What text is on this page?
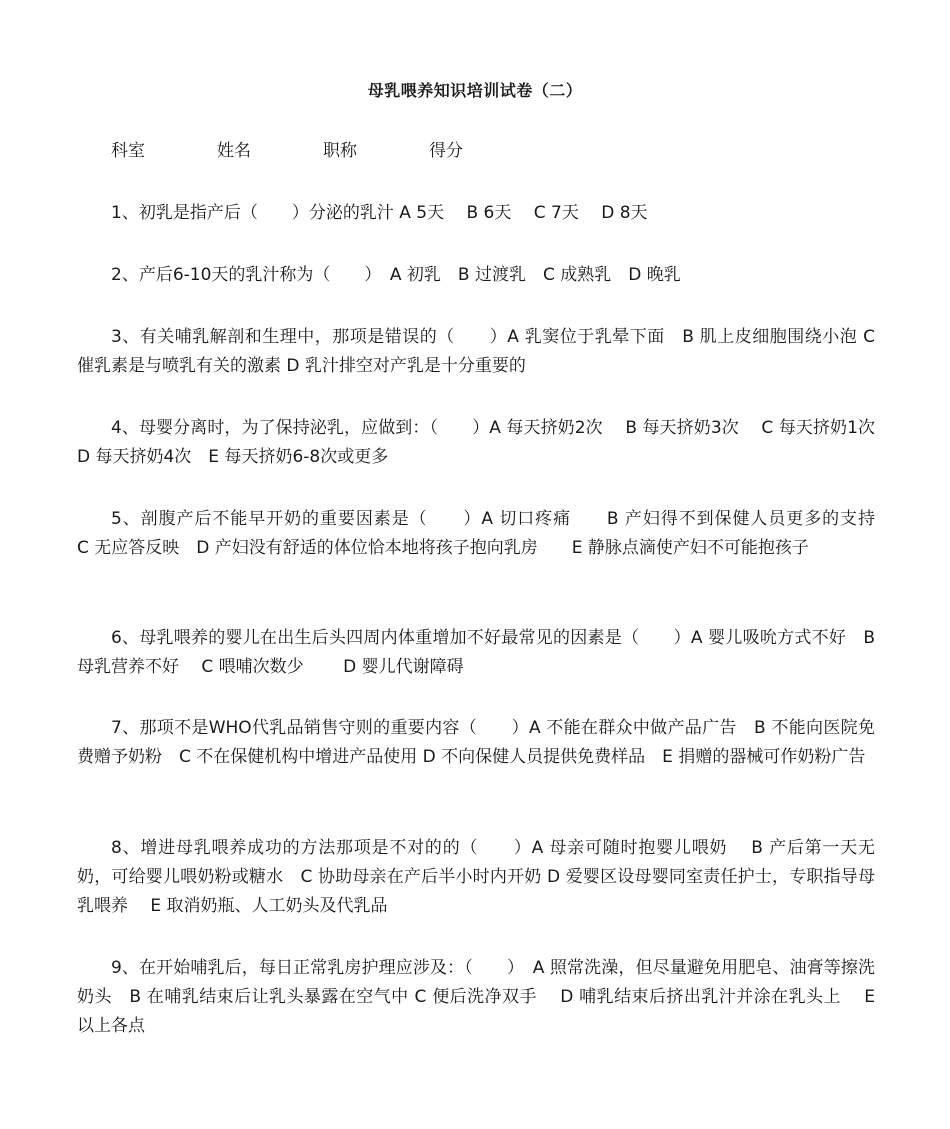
母乳喂养知识培训试卷（二）
科室	姓名	职称	得分
1、初乳是指产后（　　）分泌的乳汁 A 5天　 B 6天　 C 7天　 D 8天
2、产后6-10天的乳汁称为（　　）　A 初乳　B 过渡乳　C 成熟乳　D 晚乳
3、有关哺乳解剖和生理中，那项是错误的（　　）A 乳窦位于乳晕下面　B 肌上皮细胞围绕小泡 C 催乳素是与喷乳有关的激素 D 乳汁排空对产乳是十分重要的
4、母婴分离时，为了保持泌乳，应做到：（　　）A 每天挤奶2次　 B 每天挤奶3次　 C 每天挤奶1次　D 每天挤奶4次　E 每天挤奶6-8次或更多
5、剖腹产后不能早开奶的重要因素是（　　）A 切口疼痛　　B 产妇得不到保健人员更多的支持　　C 无应答反映　D 产妇没有舒适的体位恰本地将孩子抱向乳房　　E 静脉点滴使产妇不可能抱孩子
6、母乳喂养的婴儿在出生后头四周内体重增加不好最常见的因素是（　　）A 婴儿吸吮方式不好　B 母乳营养不好　 C 喂哺次数少　　 D 婴儿代谢障碍
7、那项不是WHO代乳品销售守则的重要内容（　　）A 不能在群众中做产品广告　B 不能向医院免费赠予奶粉　C 不在保健机构中增进产品使用 D 不向保健人员提供免费样品　E 捐赠的器械可作奶粉广告
8、增进母乳喂养成功的方法那项是不对的的（　　）A 母亲可随时抱婴儿喂奶　 B 产后第一天无奶，可给婴儿喂奶粉或糖水　C 协助母亲在产后半小时内开奶 D 爱婴区设母婴同室责任护士，专职指导母乳喂养　 E 取消奶瓶、人工奶头及代乳品
9、在开始哺乳后，每日正常乳房护理应涉及：（　　）　A 照常洗澡，但尽量避免用肥皂、油膏等擦洗奶头　B 在哺乳结束后让乳头暴露在空气中 C 便后洗净双手　 D 哺乳结束后挤出乳汁并涂在乳头上　 E 以上各点
